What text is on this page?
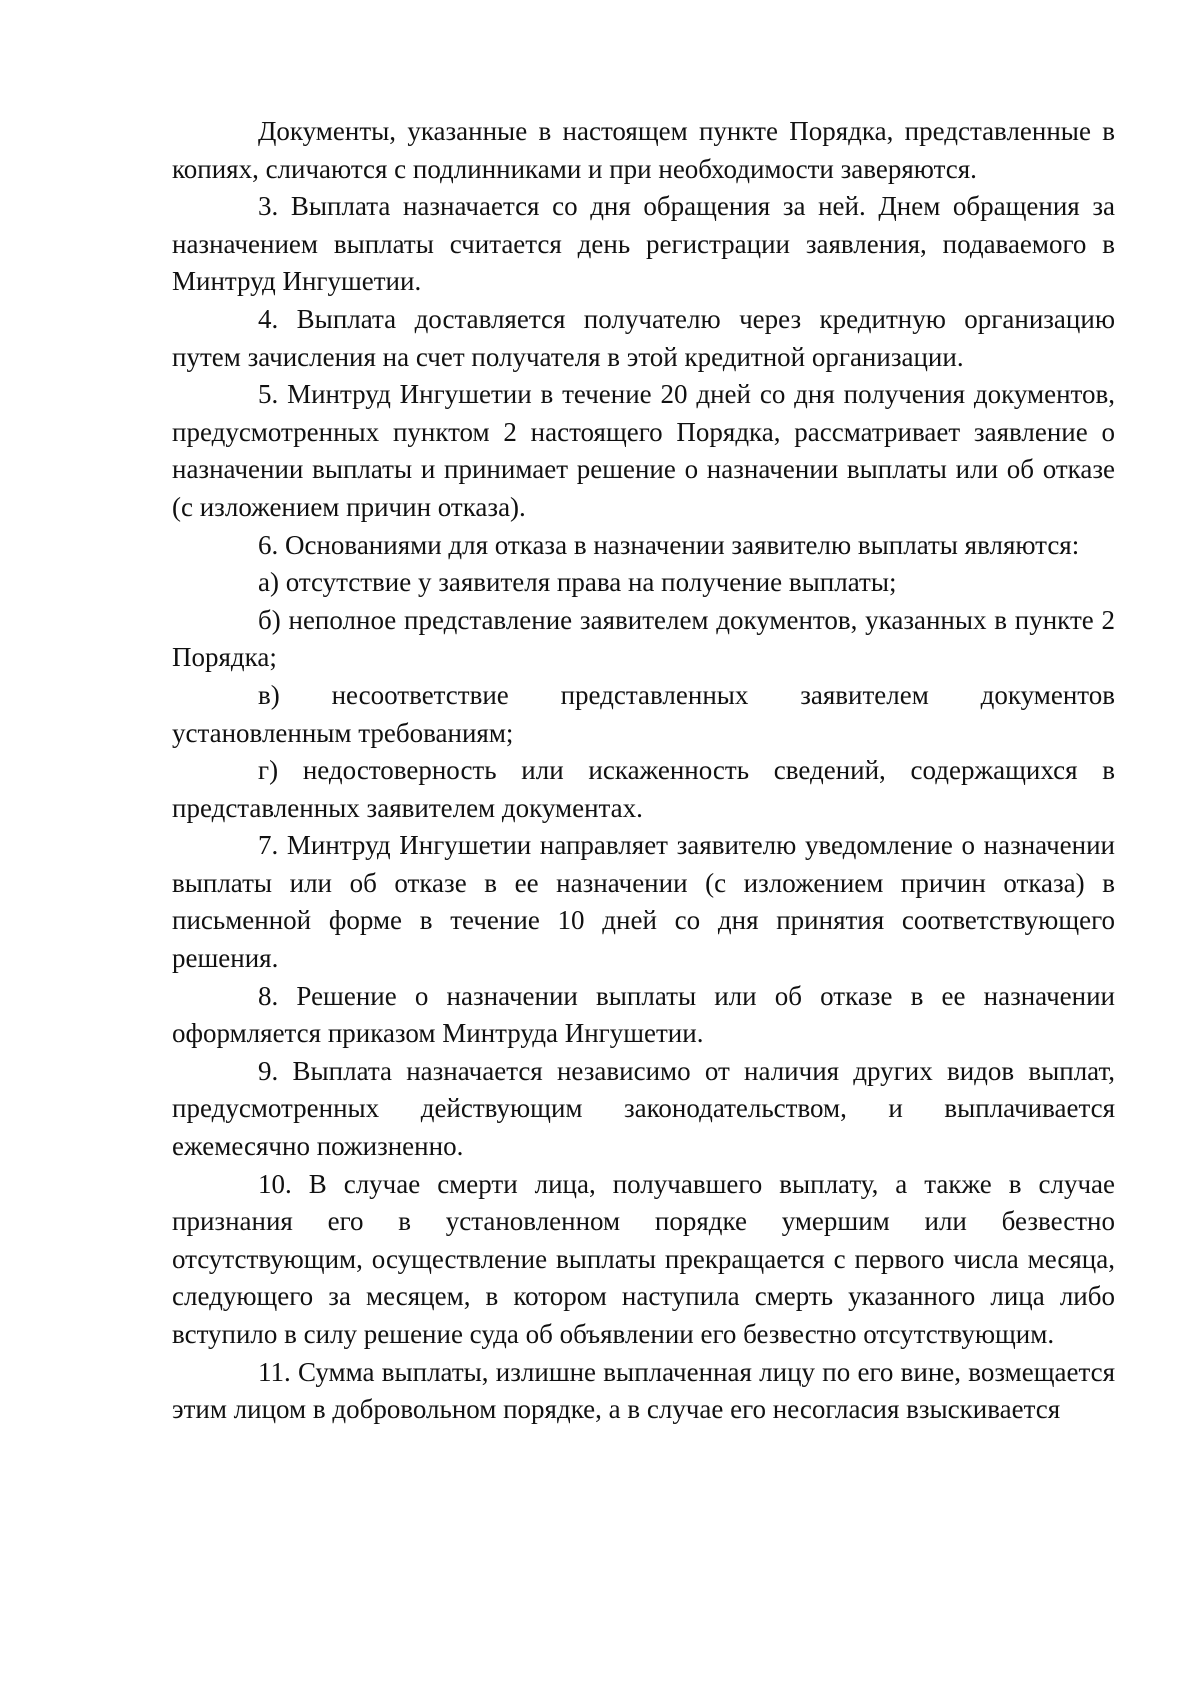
Документы, указанные в настоящем пункте Порядка, представленные в копиях, сличаются с подлинниками и при необходимости заверяются.

3. Выплата назначается со дня обращения за ней. Днем обращения за назначением выплаты считается день регистрации заявления, подаваемого в Минтруд Ингушетии.

4. Выплата доставляется получателю через кредитную организацию путем зачисления на счет получателя в этой кредитной организации.

5. Минтруд Ингушетии в течение 20 дней со дня получения документов, предусмотренных пунктом 2 настоящего Порядка, рассматривает заявление о назначении выплаты и принимает решение о назначении выплаты или об отказе (с изложением причин отказа).

6. Основаниями для отказа в назначении заявителю выплаты являются:

а) отсутствие у заявителя права на получение выплаты;

б) неполное представление заявителем документов, указанных в пункте 2 Порядка;

в) несоответствие представленных заявителем документов установленным требованиям;

г) недостоверность или искаженность сведений, содержащихся в представленных заявителем документах.

7. Минтруд Ингушетии направляет заявителю уведомление о назначении выплаты или об отказе в ее назначении (с изложением причин отказа) в письменной форме в течение 10 дней со дня принятия соответствующего решения.

8. Решение о назначении выплаты или об отказе в ее назначении оформляется приказом Минтруда Ингушетии.

9. Выплата назначается независимо от наличия других видов выплат, предусмотренных действующим законодательством, и выплачивается ежемесячно пожизненно.

10. В случае смерти лица, получавшего выплату, а также в случае признания его в установленном порядке умершим или безвестно отсутствующим, осуществление выплаты прекращается с первого числа месяца, следующего за месяцем, в котором наступила смерть указанного лица либо вступило в силу решение суда об объявлении его безвестно отсутствующим.

11. Сумма выплаты, излишне выплаченная лицу по его вине, возмещается этим лицом в добровольном порядке, а в случае его несогласия взыскивается
